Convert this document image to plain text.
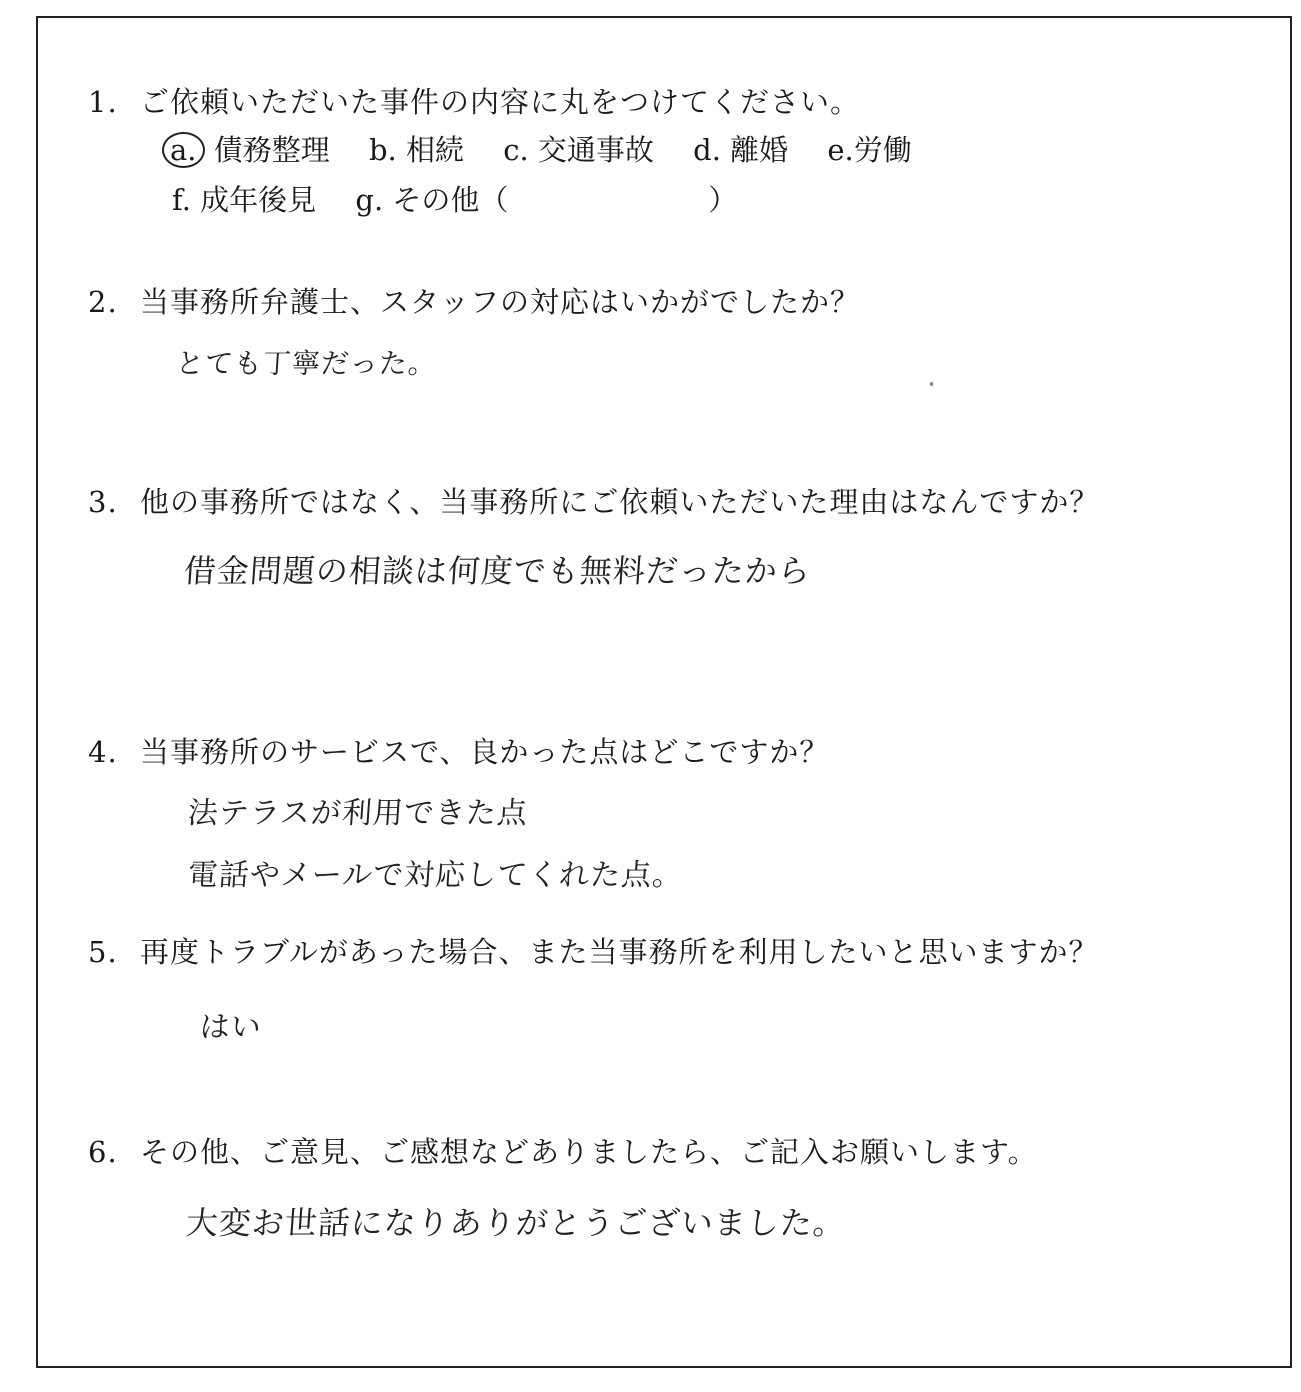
1. ご依頼いただいた事件の内容に丸をつけてください。
a. 債務整理 b. 相続 c. 交通事故 d. 離婚 e.労働
f. 成年後見 g. その他（	）
2. 当事務所弁護士、スタッフの対応はいかがでしたか？
とても丁寧だった。
3. 他の事務所ではなく、当事務所にご依頼いただいた理由はなんですか？
借金問題の相談は何度でも無料だったから
4. 当事務所のサービスで、良かった点はどこですか？
法テラスが利用できた点
電話やメールで対応してくれた点。
5. 再度トラブルがあった場合、また当事務所を利用したいと思いますか？
はい
6. その他、ご意見、ご感想などありましたら、ご記入お願いします。
大変お世話になりありがとうございました。
